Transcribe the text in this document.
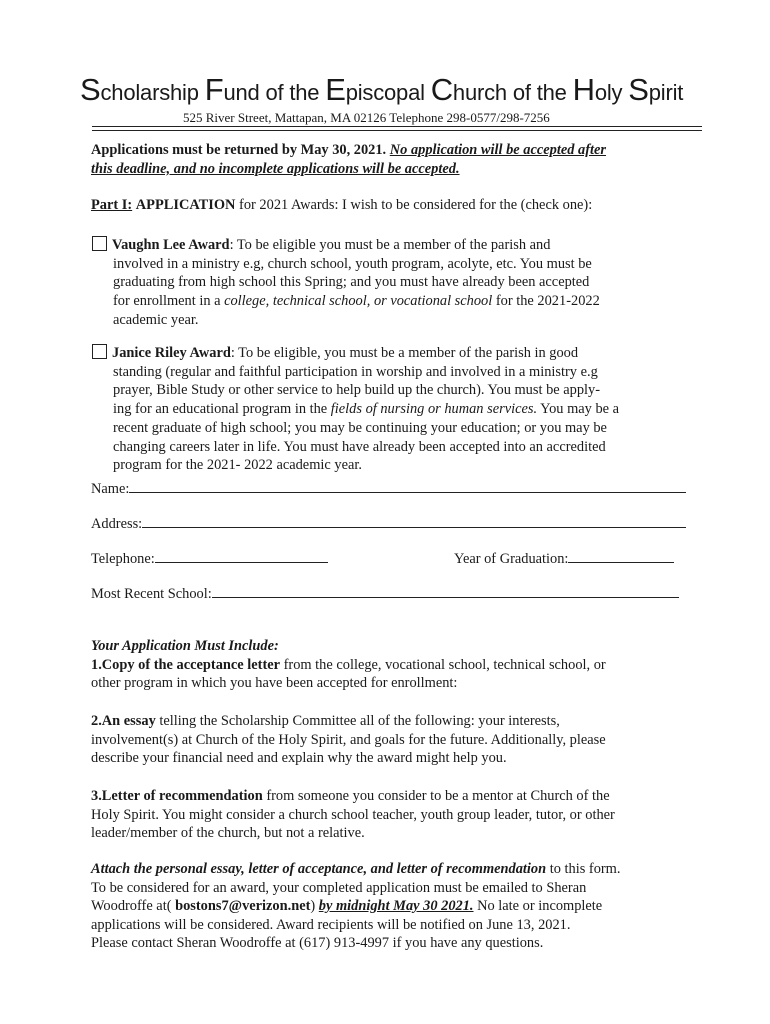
Scholarship Fund of the Episcopal Church of the Holy Spirit
525 River Street, Mattapan, MA 02126 Telephone 298-0577/298-7256
Applications must be returned by May 30, 2021. No application will be accepted after
this deadline, and no incomplete applications will be accepted.
Part I: APPLICATION for 2021 Awards: I wish to be considered for the (check one):
Vaughn Lee Award: To be eligible you must be a member of the parish and
involved in a ministry e.g, church school, youth program, acolyte, etc. You must be
graduating from high school this Spring; and you must have already been accepted
for enrollment in a college, technical school, or vocational school for the 2021-2022
academic year.
Janice Riley Award: To be eligible, you must be a member of the parish in good
standing (regular and faithful participation in worship and involved in a ministry e.g
prayer, Bible Study or other service to help build up the church). You must be apply-
ing for an educational program in the fields of nursing or human services. You may be a
recent graduate of high school; you may be continuing your education; or you may be
changing careers later in life. You must have already been accepted into an accredited
program for the 2021- 2022 academic year.
Name:
Address:
Telephone:	Year of Graduation:
Most Recent School:
Your Application Must Include:
1.Copy of the acceptance letter from the college, vocational school, technical school, or
other program in which you have been accepted for enrollment:
2.An essay telling the Scholarship Committee all of the following: your interests,
involvement(s) at Church of the Holy Spirit, and goals for the future. Additionally, please
describe your financial need and explain why the award might help you.
3.Letter of recommendation from someone you consider to be a mentor at Church of the
Holy Spirit. You might consider a church school teacher, youth group leader, tutor, or other
leader/member of the church, but not a relative.
Attach the personal essay, letter of acceptance, and letter of recommendation to this form.
To be considered for an award, your completed application must be emailed to Sheran
Woodroffe at( bostons7@verizon.net) by midnight May 30 2021. No late or incomplete
applications will be considered. Award recipients will be notified on June 13, 2021.
Please contact Sheran Woodroffe at (617) 913-4997 if you have any questions.
